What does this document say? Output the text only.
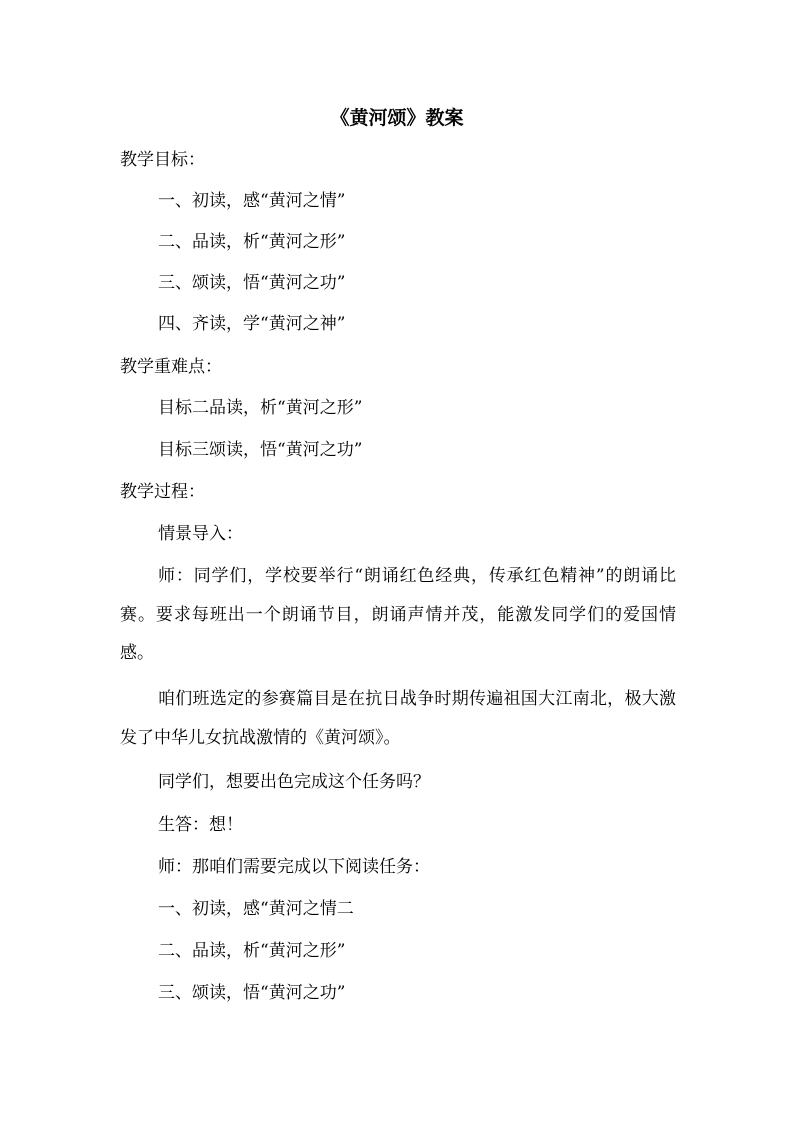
《黄河颂》教案
教学目标：
一、初读，感“黄河之情”
二、品读，析“黄河之形”
三、颂读，悟“黄河之功”
四、齐读，学“黄河之神”
教学重难点：
目标二品读，析“黄河之形”
目标三颂读，悟“黄河之功”
教学过程：
情景导入：
师：同学们，学校要举行“朗诵红色经典，传承红色精神”的朗诵比赛。要求每班出一个朗诵节目，朗诵声情并茂，能激发同学们的爱国情感。
咱们班选定的参赛篇目是在抗日战争时期传遍祖国大江南北，极大激发了中华儿女抗战激情的《黄河颂》。
同学们，想要出色完成这个任务吗？
生答：想！
师：那咱们需要完成以下阅读任务：
一、初读，感“黄河之情二
二、品读，析“黄河之形”
三、颂读，悟“黄河之功”
